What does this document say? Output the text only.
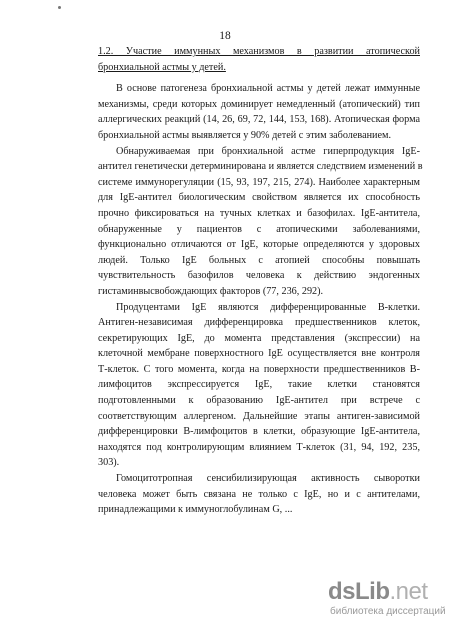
18
1.2. Участие иммунных механизмов в развитии атопической
бронхиальной астмы у детей.
В основе патогенеза бронхиальной астмы у детей лежат иммунные
механизмы, среди которых доминирует немедленный (атопический) тип
аллергических реакций (14, 26, 69, 72, 144, 153, 168). Атопическая форма
бронхиальной астмы выявляется у 90% детей с этим заболеванием.
Обнаруживаемая при бронхиальной астме гиперпродукция IgE-
антител генетически детерминирована и является следствием изменений в
системе иммунорегуляции (15, 93, 197, 215, 274). Наиболее характерным
для IgE-антител биологическим свойством является их способность
прочно фиксироваться на тучных клетках и базофилах. IgE-антитела,
обнаруженные у пациентов с атопическими заболеваниями,
функционально отличаются от IgE, которые определяются у здоровых
людей. Только IgE больных с атопией способны повышать
чувствительность базофилов человека к действию эндогенных
гистаминвысвобождающих факторов (77, 236, 292).
Продуцентами IgE являются дифференцированные В-клетки.
Антиген-независимая дифференцировка предшественников клеток,
секретирующих IgE, до момента представления (экспрессии) на
клеточной мембране поверхностного IgE осуществляется вне контроля
Т-клеток. С того момента, когда на поверхности предшественников В-
лимфоцитов экспрессируется IgE, такие клетки становятся
подготовленными к образованию IgE-антител при встрече с
соответствующим аллергеном. Дальнейшие этапы антиген-зависимой
дифференцировки В-лимфоцитов в клетки, образующие IgE-антитела,
находятся под контролирующим влиянием Т-клеток (31, 94, 192, 235,
303).
Гомоцитотропная сенсибилизирующая активность сыворотки
человека может быть связана не только с IgE, но и с антителами,
принадлежащими к иммуноглобулинам G, ...
dsLib.net
библиотека диссертаций
